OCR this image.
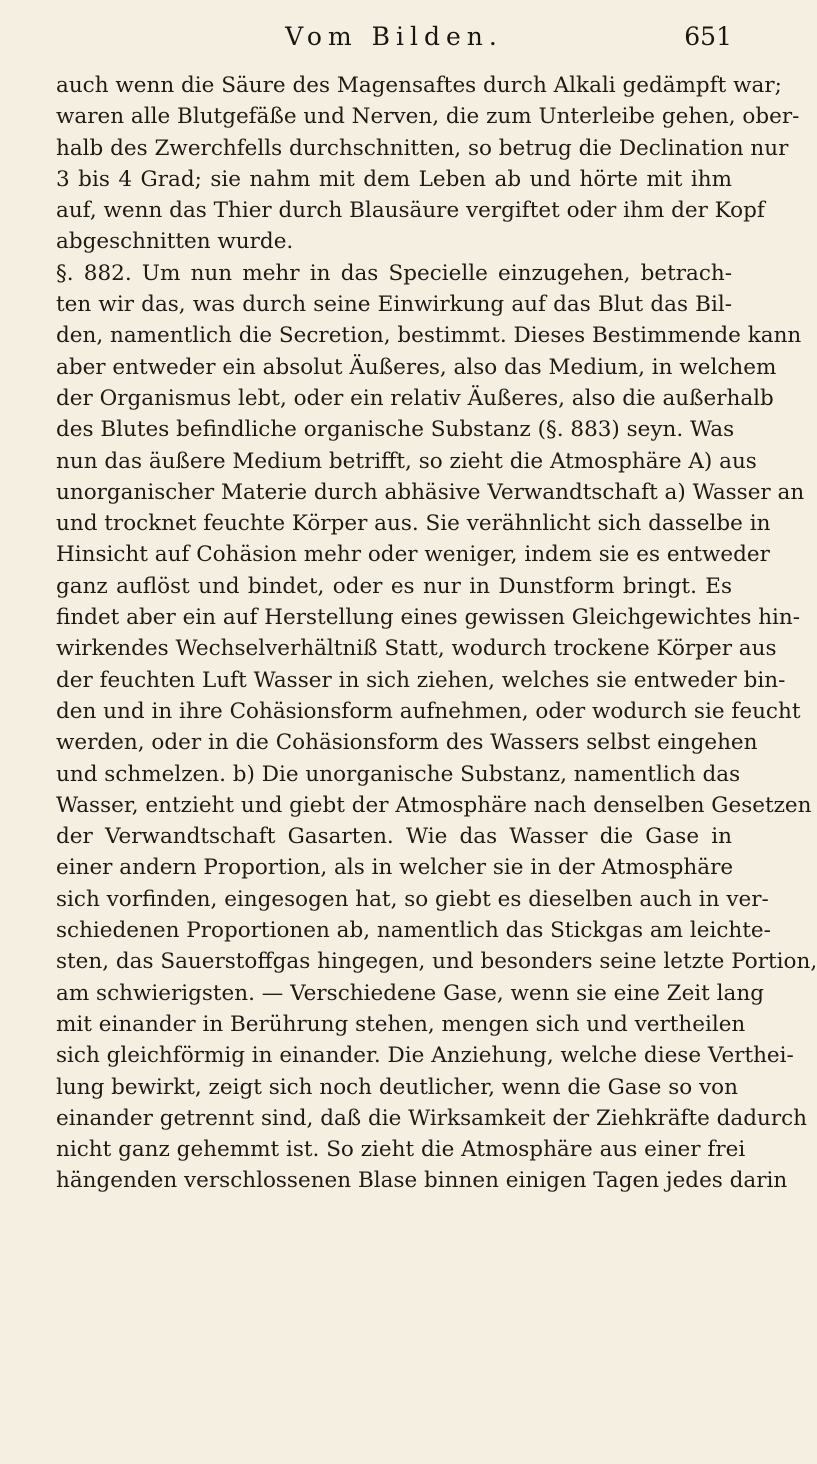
Vom Bilden.	651
auch wenn die Säure des Magensaftes durch Alkali gedämpft war;
waren alle Blutgefäße und Nerven, die zum Unterleibe gehen, ober-
halb des Zwerchfells durchschnitten, so betrug die Declination nur
3 bis 4 Grad; sie nahm mit dem Leben ab und hörte mit ihm
auf, wenn das Thier durch Blausäure vergiftet oder ihm der Kopf
abgeschnitten wurde.
§. 882. Um nun mehr in das Specielle einzugehen, betrach-
ten wir das, was durch seine Einwirkung auf das Blut das Bil-
den, namentlich die Secretion, bestimmt. Dieses Bestimmende kann
aber entweder ein absolut Äußeres, also das Medium, in welchem
der Organismus lebt, oder ein relativ Äußeres, also die außerhalb
des Blutes befindliche organische Substanz (§. 883) seyn. Was
nun das äußere Medium betrifft, so zieht die Atmosphäre A) aus
unorganischer Materie durch abhäsive Verwandtschaft a) Wasser an
und trocknet feuchte Körper aus. Sie verähnlicht sich dasselbe in
Hinsicht auf Cohäsion mehr oder weniger, indem sie es entweder
ganz auflöst und bindet, oder es nur in Dunstform bringt. Es
findet aber ein auf Herstellung eines gewissen Gleichgewichtes hin-
wirkendes Wechselverhältniß Statt, wodurch trockene Körper aus
der feuchten Luft Wasser in sich ziehen, welches sie entweder bin-
den und in ihre Cohäsionsform aufnehmen, oder wodurch sie feucht
werden, oder in die Cohäsionsform des Wassers selbst eingehen
und schmelzen. b) Die unorganische Substanz, namentlich das
Wasser, entzieht und giebt der Atmosphäre nach denselben Gesetzen
der Verwandtschaft Gasarten. Wie das Wasser die Gase in
einer andern Proportion, als in welcher sie in der Atmosphäre
sich vorfinden, eingesogen hat, so giebt es dieselben auch in ver-
schiedenen Proportionen ab, namentlich das Stickgas am leichte-
sten, das Sauerstoffgas hingegen, und besonders seine letzte Portion,
am schwierigsten. — Verschiedene Gase, wenn sie eine Zeit lang
mit einander in Berührung stehen, mengen sich und vertheilen
sich gleichförmig in einander. Die Anziehung, welche diese Verthei-
lung bewirkt, zeigt sich noch deutlicher, wenn die Gase so von
einander getrennt sind, daß die Wirksamkeit der Ziehkräfte dadurch
nicht ganz gehemmt ist. So zieht die Atmosphäre aus einer frei
hängenden verschlossenen Blase binnen einigen Tagen jedes darin
